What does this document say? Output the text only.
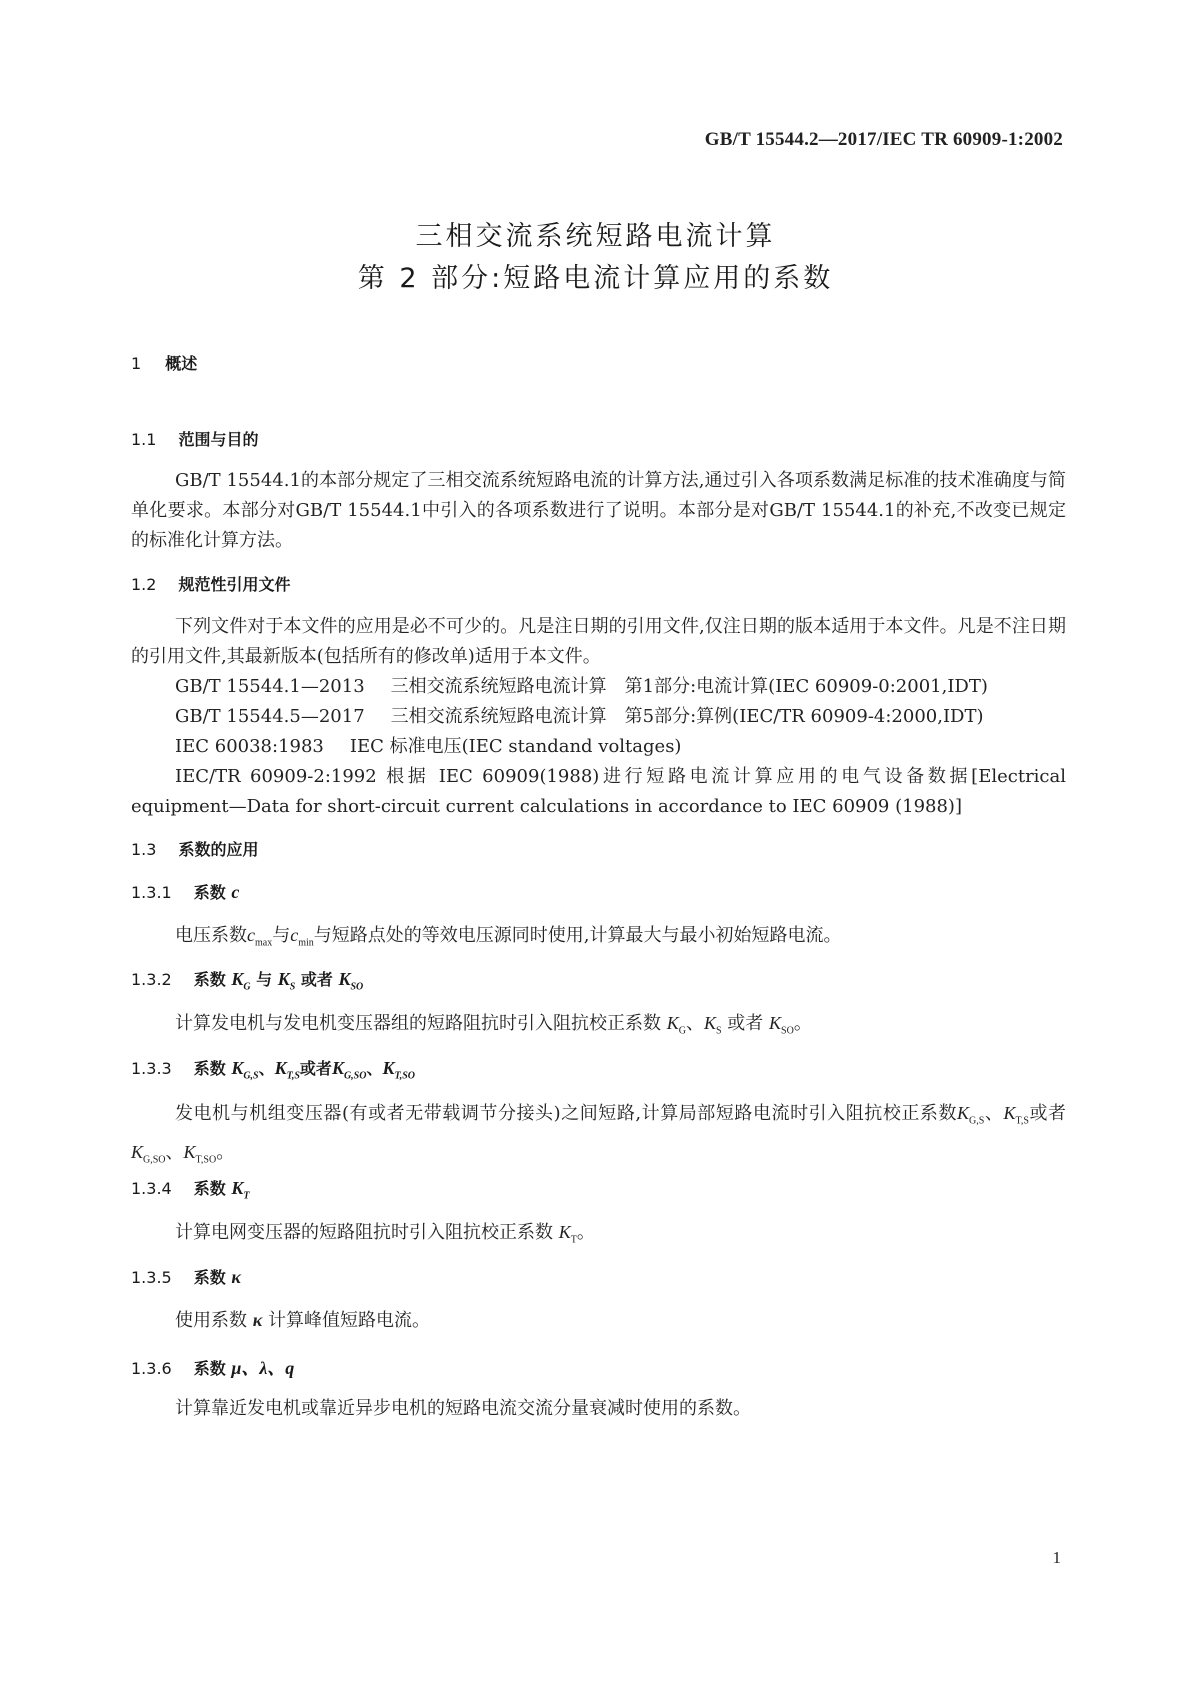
GB/T 15544.2—2017/IEC TR 60909-1:2002
三相交流系统短路电流计算
第 2 部分:短路电流计算应用的系数
1 概述
1.1 范围与目的
GB/T 15544.1的本部分规定了三相交流系统短路电流的计算方法,通过引入各项系数满足标准的技术准确度与简单化要求。本部分对GB/T 15544.1中引入的各项系数进行了说明。本部分是对GB/T 15544.1的补充,不改变已规定的标准化计算方法。
1.2 规范性引用文件
下列文件对于本文件的应用是必不可少的。凡是注日期的引用文件,仅注日期的版本适用于本文件。凡是不注日期的引用文件,其最新版本(包括所有的修改单)适用于本文件。
GB/T 15544.1—2013 三相交流系统短路电流计算　第1部分:电流计算(IEC 60909-0:2001,IDT)
GB/T 15544.5—2017 三相交流系统短路电流计算　第5部分:算例(IEC/TR 60909-4:2000,IDT)
IEC 60038:1983 IEC 标准电压(IEC standand voltages)
IEC/TR 60909-2:1992 根据 IEC 60909(1988)进行短路电流计算应用的电气设备数据[Electrical equipment—Data for short-circuit current calculations in accordance to IEC 60909 (1988)]
1.3 系数的应用
1.3.1 系数 c
电压系数$c_{max}$与$c_{min}$与短路点处的等效电压源同时使用,计算最大与最小初始短路电流。
1.3.2 系数 $K_G$ 与 $K_S$ 或者 $K_{SO}$
计算发电机与发电机变压器组的短路阻抗时引入阻抗校正系数 $K_G$、$K_S$ 或者 $K_{SO}$。
1.3.3 系数 $K_{G,S}$、$K_{T,S}$或者$K_{G,SO}$、$K_{T,SO}$
发电机与机组变压器(有或者无带载调节分接头)之间短路,计算局部短路电流时引入阻抗校正系数$K_{G,S}$、$K_{T,S}$或者$K_{G,SO}$、$K_{T,SO}$。
1.3.4 系数 $K_T$
计算电网变压器的短路阻抗时引入阻抗校正系数 $K_T$。
1.3.5 系数 κ
使用系数 κ 计算峰值短路电流。
1.3.6 系数 μ、λ、q
计算靠近发电机或靠近异步电机的短路电流交流分量衰减时使用的系数。
1
